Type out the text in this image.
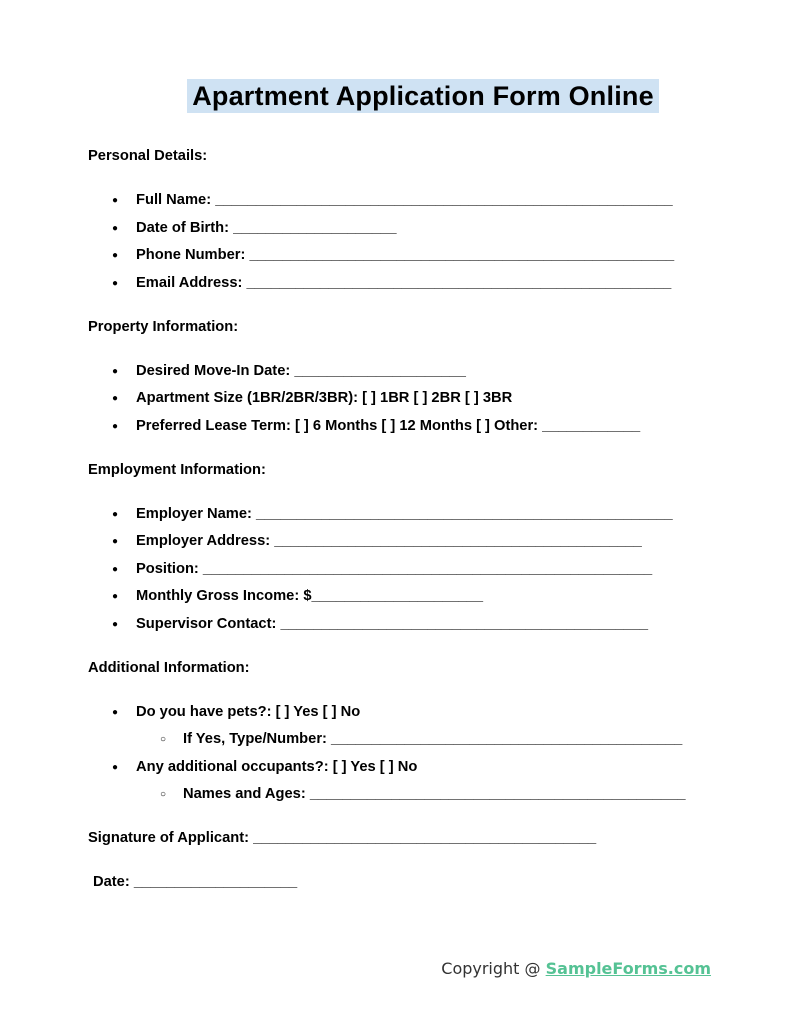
Apartment Application Form Online

Personal Details:

●	Full Name: ________________________________________________________
●	Date of Birth: ____________________
●	Phone Number: ____________________________________________________
●	Email Address: ____________________________________________________

Property Information:

●	Desired Move-In Date: _____________________
●	Apartment Size (1BR/2BR/3BR): [ ] 1BR [ ] 2BR [ ] 3BR
●	Preferred Lease Term: [ ] 6 Months [ ] 12 Months [ ] Other: ____________

Employment Information:

●	Employer Name: ___________________________________________________
●	Employer Address: _____________________________________________
●	Position: _______________________________________________________
●	Monthly Gross Income: $_____________________
●	Supervisor Contact: _____________________________________________

Additional Information:

●	Do you have pets?: [ ] Yes [ ] No
○	If Yes, Type/Number: ___________________________________________
●	Any additional occupants?: [ ] Yes [ ] No
○	Names and Ages: ______________________________________________

Signature of Applicant: __________________________________________

Date: ____________________

Copyright @ SampleForms.com
